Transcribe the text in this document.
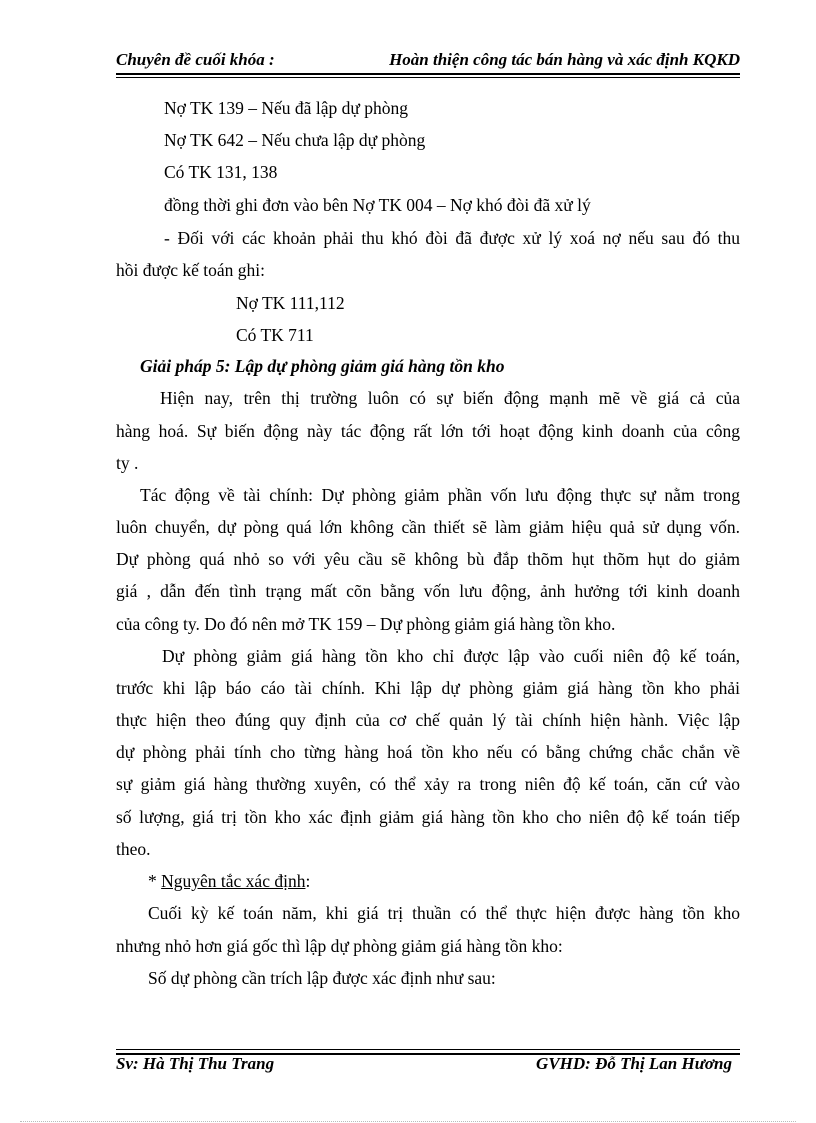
Chuyên đề cuối khóa :	Hoàn thiện công tác bán hàng và xác định KQKD
Nợ TK 139 – Nếu đã lập dự phòng
Nợ TK 642 – Nếu chưa lập dự phòng
Có TK 131, 138
đồng thời ghi đơn vào bên Nợ TK 004 – Nợ khó đòi đã xử lý
- Đối với các khoản phải thu khó đòi đã được xử lý xoá nợ nếu sau đó thu
hồi được kế toán ghi:
Nợ TK 111,112
Có TK 711
Giải pháp 5: Lập dự phòng giảm giá hàng tồn kho
Hiện nay, trên thị trường luôn có sự biến động mạnh mẽ về giá cả của
hàng hoá. Sự biến động này tác động rất lớn tới hoạt động kinh doanh của công
ty .
Tác động về tài chính: Dự phòng giảm phần vốn lưu động thực sự nằm trong
luôn chuyển, dự pòng quá lớn không cần thiết sẽ làm giảm hiệu quả sử dụng vốn.
Dự phòng quá nhỏ so với yêu cầu sẽ không bù đắp thõm hụt thõm hụt do giảm
giá , dẫn đến tình trạng mất cõn bằng vốn lưu động, ảnh hưởng tới kinh doanh
của công ty. Do đó nên mở TK 159 – Dự phòng giảm giá hàng tồn kho.
Dự phòng giảm giá hàng tồn kho chỉ được lập vào cuối niên độ kế toán,
trước khi lập báo cáo tài chính. Khi lập dự phòng giảm giá hàng tồn kho phải
thực hiện theo đúng quy định của cơ chế quản lý tài chính hiện hành. Việc lập
dự phòng phải tính cho từng hàng hoá tồn kho nếu có bằng chứng chắc chắn về
sự giảm giá hàng thường xuyên, có thể xảy ra trong niên độ kế toán, căn cứ vào
số lượng, giá trị tồn kho xác định giảm giá hàng tồn kho cho niên độ kế toán tiếp
theo.
* Nguyên tắc xác định:
Cuối kỳ kế toán năm, khi giá trị thuần có thể thực hiện được hàng tồn kho
nhưng nhỏ hơn giá gốc thì lập dự phòng giảm giá hàng tồn kho:
Số dự phòng cần trích lập được xác định như sau:
Sv: Hà Thị Thu Trang	GVHD: Đỗ Thị Lan Hương
